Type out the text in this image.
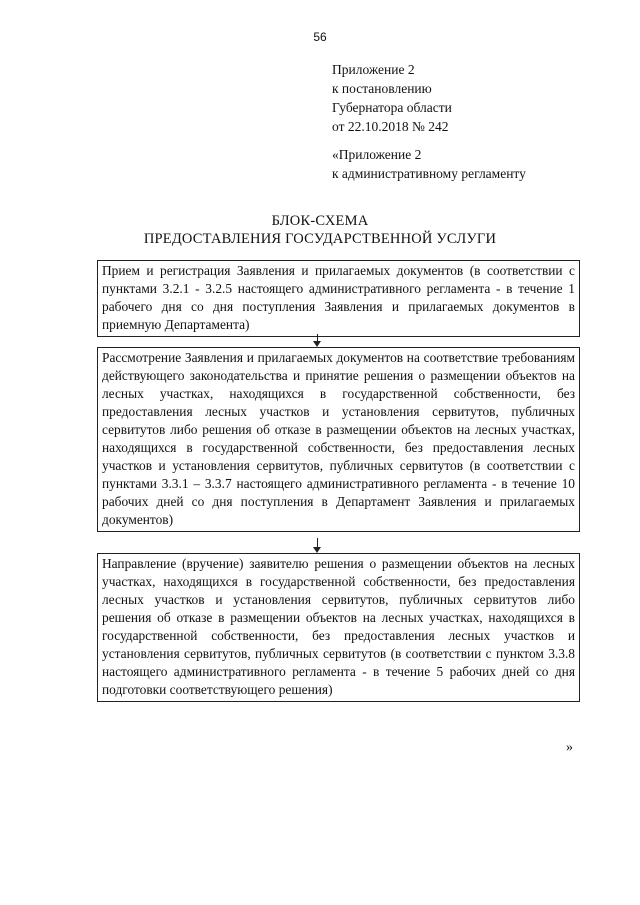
56
Приложение 2
к постановлению
Губернатора области
от 22.10.2018 № 242
«Приложение 2
к административному регламенту
БЛОК-СХЕМА
ПРЕДОСТАВЛЕНИЯ ГОСУДАРСТВЕННОЙ УСЛУГИ
Прием и регистрация Заявления и прилагаемых документов (в соответствии с пунктами 3.2.1 - 3.2.5 настоящего административного регламента - в течение 1 рабочего дня со дня поступления Заявления и прилагаемых документов в приемную Департамента)
Рассмотрение Заявления и прилагаемых документов на соответствие требованиям действующего законодательства и принятие решения о размещении объектов на лесных участках, находящихся в государственной собственности, без предоставления лесных участков и установления сервитутов, публичных сервитутов либо решения об отказе в размещении объектов на лесных участках, находящихся в государственной собственности, без предоставления лесных участков и установления сервитутов, публичных сервитутов (в соответствии с пунктами 3.3.1 – 3.3.7 настоящего административного регламента - в течение 10 рабочих дней со дня поступления в Департамент Заявления и прилагаемых документов)
Направление (вручение) заявителю решения о размещении объектов на лесных участках, находящихся в государственной собственности, без предоставления лесных участков и установления сервитутов, публичных сервитутов либо решения об отказе в размещении объектов на лесных участках, находящихся в государственной собственности, без предоставления лесных участков и установления сервитутов, публичных сервитутов (в соответствии с пунктом 3.3.8 настоящего административного регламента - в течение 5 рабочих дней со дня подготовки соответствующего решения)
»
